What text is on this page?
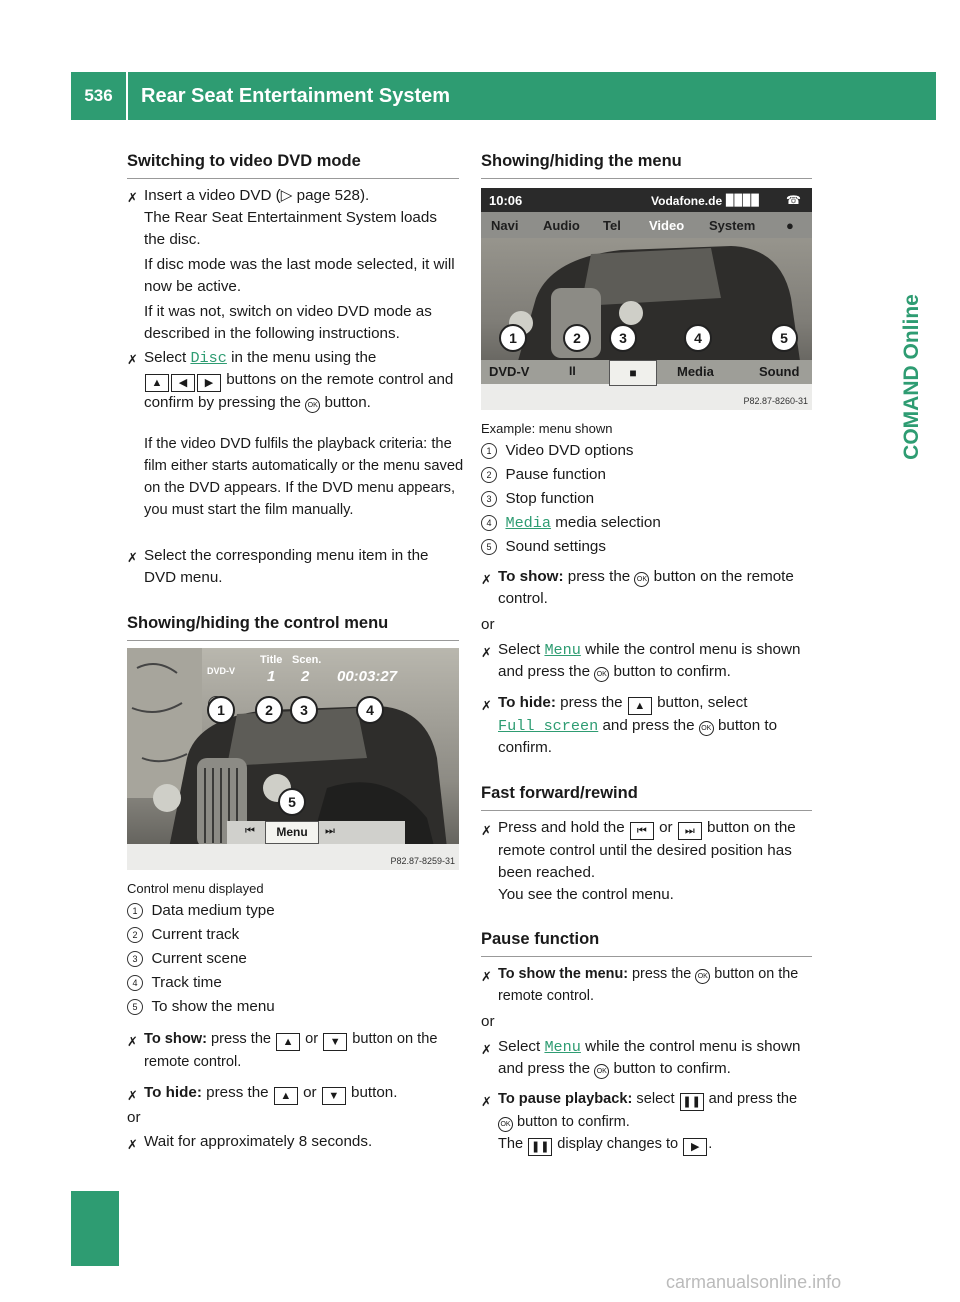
536	Rear Seat Entertainment System
COMAND Online
Switching to video DVD mode
✗ Insert a video DVD (▷ page 528).
The Rear Seat Entertainment System loads the disc.
If disc mode was the last mode selected, it will now be active.
If it was not, switch on video DVD mode as described in the following instructions.
✗ Select Disc in the menu using the
▲ ◀ ▶ buttons on the remote control and confirm by pressing the OK button.
If the video DVD fulfils the playback criteria: the film either starts automatically or the menu saved on the DVD appears. If the DVD menu appears, you must start the film manually.
✗ Select the corresponding menu item in the DVD menu.
Showing/hiding the control menu
DVD-V
Title Scen.
1 2 00:03:27
1	2	3	4
5
⏮	Menu	⏭
P82.87-8259-31
Control menu displayed
1 Data medium type
2 Current track
3 Current scene
4 Track time
5 To show the menu
✗ To show: press the ▲ or ▼ button on the remote control.
✗ To hide: press the ▲ or ▼ button.
or
✗ Wait for approximately 8 seconds.
Showing/hiding the menu
10:06	Vodafone.de ▉▉▉▉ ☎
Navi Audio Tel Video System ●
1	2	3	4	5
DVD-V	II	■	Media	Sound
P82.87-8260-31
Example: menu shown
1 Video DVD options
2 Pause function
3 Stop function
4 Media media selection
5 Sound settings
✗ To show: press the OK button on the remote control.
or
✗ Select Menu while the control menu is shown and press the OK button to confirm.
✗ To hide: press the ▲ button, select
Full screen and press the OK button to confirm.
Fast forward/rewind
✗ Press and hold the ⏮ or ⏭ button on the remote control until the desired position has been reached.
You see the control menu.
Pause function
✗ To show the menu: press the OK button on the remote control.
or
✗ Select Menu while the control menu is shown and press the OK button to confirm.
✗ To pause playback: select ❚❚ and press the OK button to confirm.
The ❚❚ display changes to ▶ .
carmanualsonline.info
